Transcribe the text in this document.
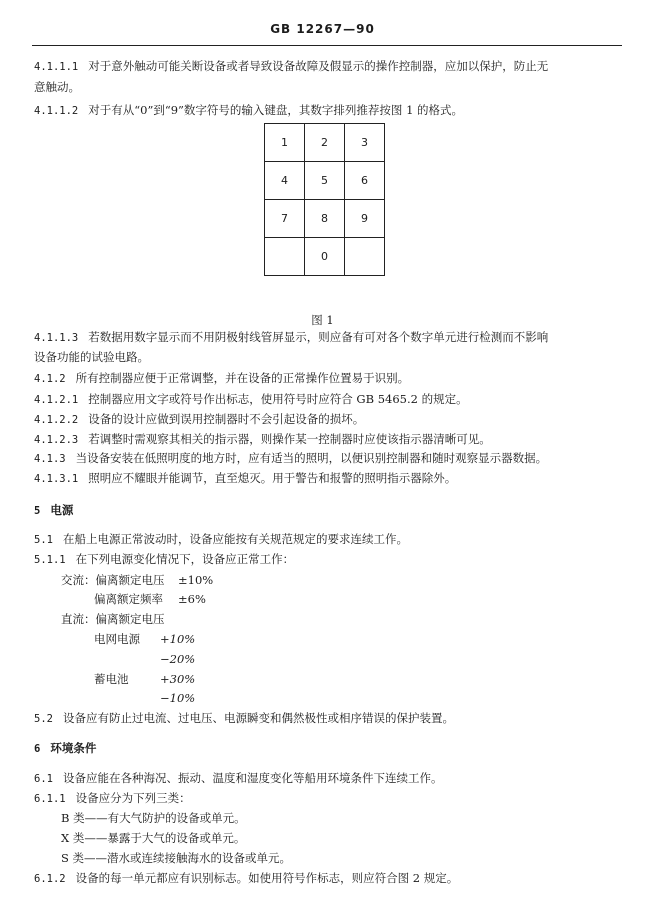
GB 12267—90
4.1.1.1 对于意外触动可能关断设备或者导致设备故障及假显示的操作控制器，应加以保护，防止无
意触动。
4.1.1.2 对于有从“0”到“9”数字符号的输入键盘，其数字排列推荐按图 1 的格式。
1	2	3
4	5	6
7	8	9
	0	
图 1
4.1.1.3 若数据用数字显示而不用阴极射线管屏显示，则应备有可对各个数字单元进行检测而不影响
设备功能的试验电路。
4.1.2 所有控制器应便于正常调整，并在设备的正常操作位置易于识别。
4.1.2.1 控制器应用文字或符号作出标志，使用符号时应符合 GB 5465.2 的规定。
4.1.2.2 设备的设计应做到误用控制器时不会引起设备的损坏。
4.1.2.3 若调整时需观察其相关的指示器，则操作某一控制器时应使该指示器清晰可见。
4.1.3 当设备安装在低照明度的地方时，应有适当的照明，以便识别控制器和随时观察显示器数据。
4.1.3.1 照明应不耀眼并能调节，直至熄灭。用于警告和报警的照明指示器除外。
5 电源
5.1 在船上电源正常波动时，设备应能按有关规范规定的要求连续工作。
5.1.1 在下列电源变化情况下，设备应正常工作：
交流：偏离额定电压 ±10%
偏离额定频率 ±6%
直流：偏离额定电压
电网电源 +10%
−20%
蓄电池	+30%
−10%
5.2 设备应有防止过电流、过电压、电源瞬变和偶然极性或相序错误的保护装置。
6 环境条件
6.1 设备应能在各种海况、振动、温度和湿度变化等船用环境条件下连续工作。
6.1.1 设备应分为下列三类：
B 类——有大气防护的设备或单元。
X 类——暴露于大气的设备或单元。
S 类——潜水或连续接触海水的设备或单元。
6.1.2 设备的每一单元都应有识别标志。如使用符号作标志，则应符合图 2 规定。
